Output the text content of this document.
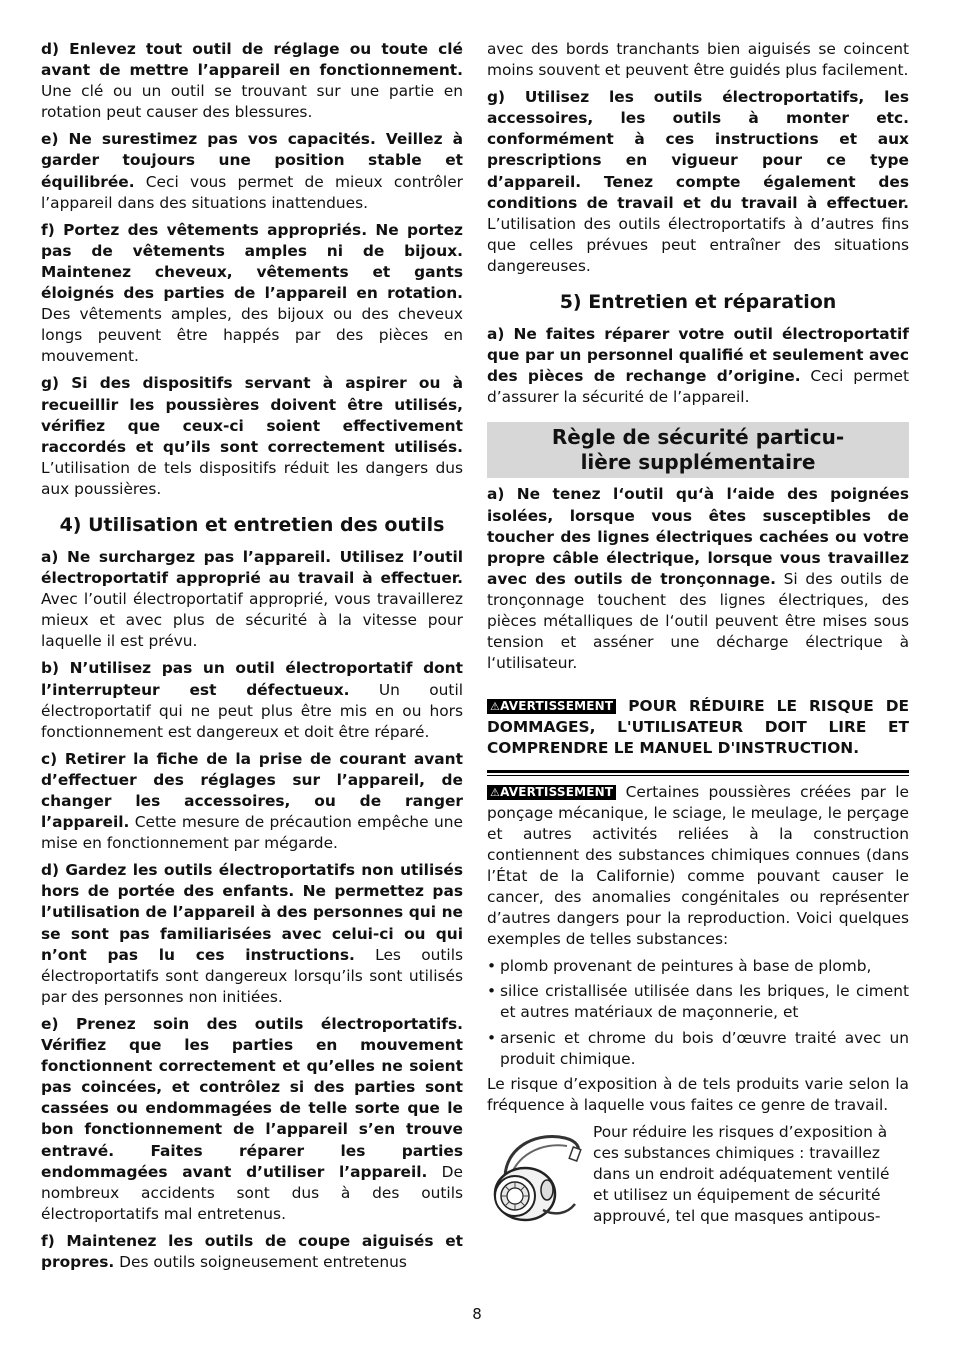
d) Enlevez tout outil de réglage ou toute clé avant de mettre l’appareil en fonctionnement. Une clé ou un outil se trouvant sur une partie en rotation peut causer des blessures.

e) Ne surestimez pas vos capacités. Veillez à garder toujours une position stable et équilibrée. Ceci vous permet de mieux contrôler l’appareil dans des situations inattendues.

f) Portez des vêtements appropriés. Ne portez pas de vêtements amples ni de bijoux. Maintenez cheveux, vêtements et gants éloignés des parties de l’appareil en rotation. Des vêtements amples, des bijoux ou des cheveux longs peuvent être happés par des pièces en mouvement.

g) Si des dispositifs servant à aspirer ou à recueillir les poussières doivent être utilisés, vérifiez que ceux-ci soient effectivement raccordés et qu’ils sont correctement utilisés. L’utilisation de tels dispositifs réduit les dangers dus aux poussières.

4) Utilisation et entretien des outils

a) Ne surchargez pas l’appareil. Utilisez l’outil électroportatif approprié au travail à effectuer. Avec l’outil électroportatif approprié, vous travaillerez mieux et avec plus de sécurité à la vitesse pour laquelle il est prévu.

b) N’utilisez pas un outil électroportatif dont l’interrupteur est défectueux. Un outil électroportatif qui ne peut plus être mis en ou hors fonctionnement est dangereux et doit être réparé.

c) Retirer la fiche de la prise de courant avant d’effectuer des réglages sur l’appareil, de changer les accessoires, ou de ranger l’appareil. Cette mesure de précaution empêche une mise en fonctionnement par mégarde.

d) Gardez les outils électroportatifs non utilisés hors de portée des enfants. Ne permettez pas l’utilisation de l’appareil à des personnes qui ne se sont pas familiarisées avec celui-ci ou qui n’ont pas lu ces instructions. Les outils électroportatifs sont dangereux lorsqu’ils sont utilisés par des personnes non initiées.

e) Prenez soin des outils électroportatifs. Vérifiez que les parties en mouvement fonctionnent correctement et qu’elles ne soient pas coincées, et contrôlez si des parties sont cassées ou endommagées de telle sorte que le bon fonctionnement de l’appareil s’en trouve entravé. Faites réparer les parties endommagées avant d’utiliser l’appareil. De nombreux accidents sont dus à des outils électroportatifs mal entretenus.

f) Maintenez les outils de coupe aiguisés et propres. Des outils soigneusement entretenus

avec des bords tranchants bien aiguisés se coincent moins souvent et peuvent être guidés plus facilement.

g) Utilisez les outils électroportatifs, les accessoires, les outils à monter etc. conformément à ces instructions et aux prescriptions en vigueur pour ce type d’appareil. Tenez compte également des conditions de travail et du travail à effectuer. L’utilisation des outils électroportatifs à d’autres fins que celles prévues peut entraîner des situations dangereuses.

5) Entretien et réparation

a) Ne faites réparer votre outil électroportatif que par un personnel qualifié et seulement avec des pièces de rechange d’origine. Ceci permet d’assurer la sécurité de l’appareil.

Règle de sécurité particu-
lière supplémentaire

a) Ne tenez l‘outil qu‘à l‘aide des poignées isolées, lorsque vous êtes susceptibles de toucher des lignes électriques cachées ou votre propre câble électrique, lorsque vous travaillez avec des outils de tronçonnage. Si des outils de tronçonnage touchent des lignes électriques, des pièces métalliques de l‘outil peuvent être mises sous tension et asséner une décharge électrique à l‘utilisateur.

⚠AVERTISSEMENT POUR RÉDUIRE LE RISQUE DE DOMMAGES, L'UTILISATEUR DOIT LIRE ET COMPRENDRE LE MANUEL D'INSTRUCTION.

⚠AVERTISSEMENT Certaines poussières créées par le ponçage mécanique, le sciage, le meulage, le perçage et autres activités reliées à la construction contiennent des substances chimiques connues (dans l’État de la Californie) comme pouvant causer le cancer, des anomalies congénitales ou représenter d’autres dangers pour la reproduction. Voici quelques exemples de telles substances:

• plomb provenant de peintures à base de plomb,
• silice cristallisée utilisée dans les briques, le ciment et autres matériaux de maçonnerie, et
• arsenic et chrome du bois d’œuvre traité avec un produit chimique.

Le risque d’exposition à de tels produits varie selon la fréquence à laquelle vous faites ce genre de travail.

Pour réduire les risques d’exposition à ces substances chimiques : travaillez dans un endroit adéquatement ventilé et utilisez un équipement de sécurité approuvé, tel que masques antipous-
8
